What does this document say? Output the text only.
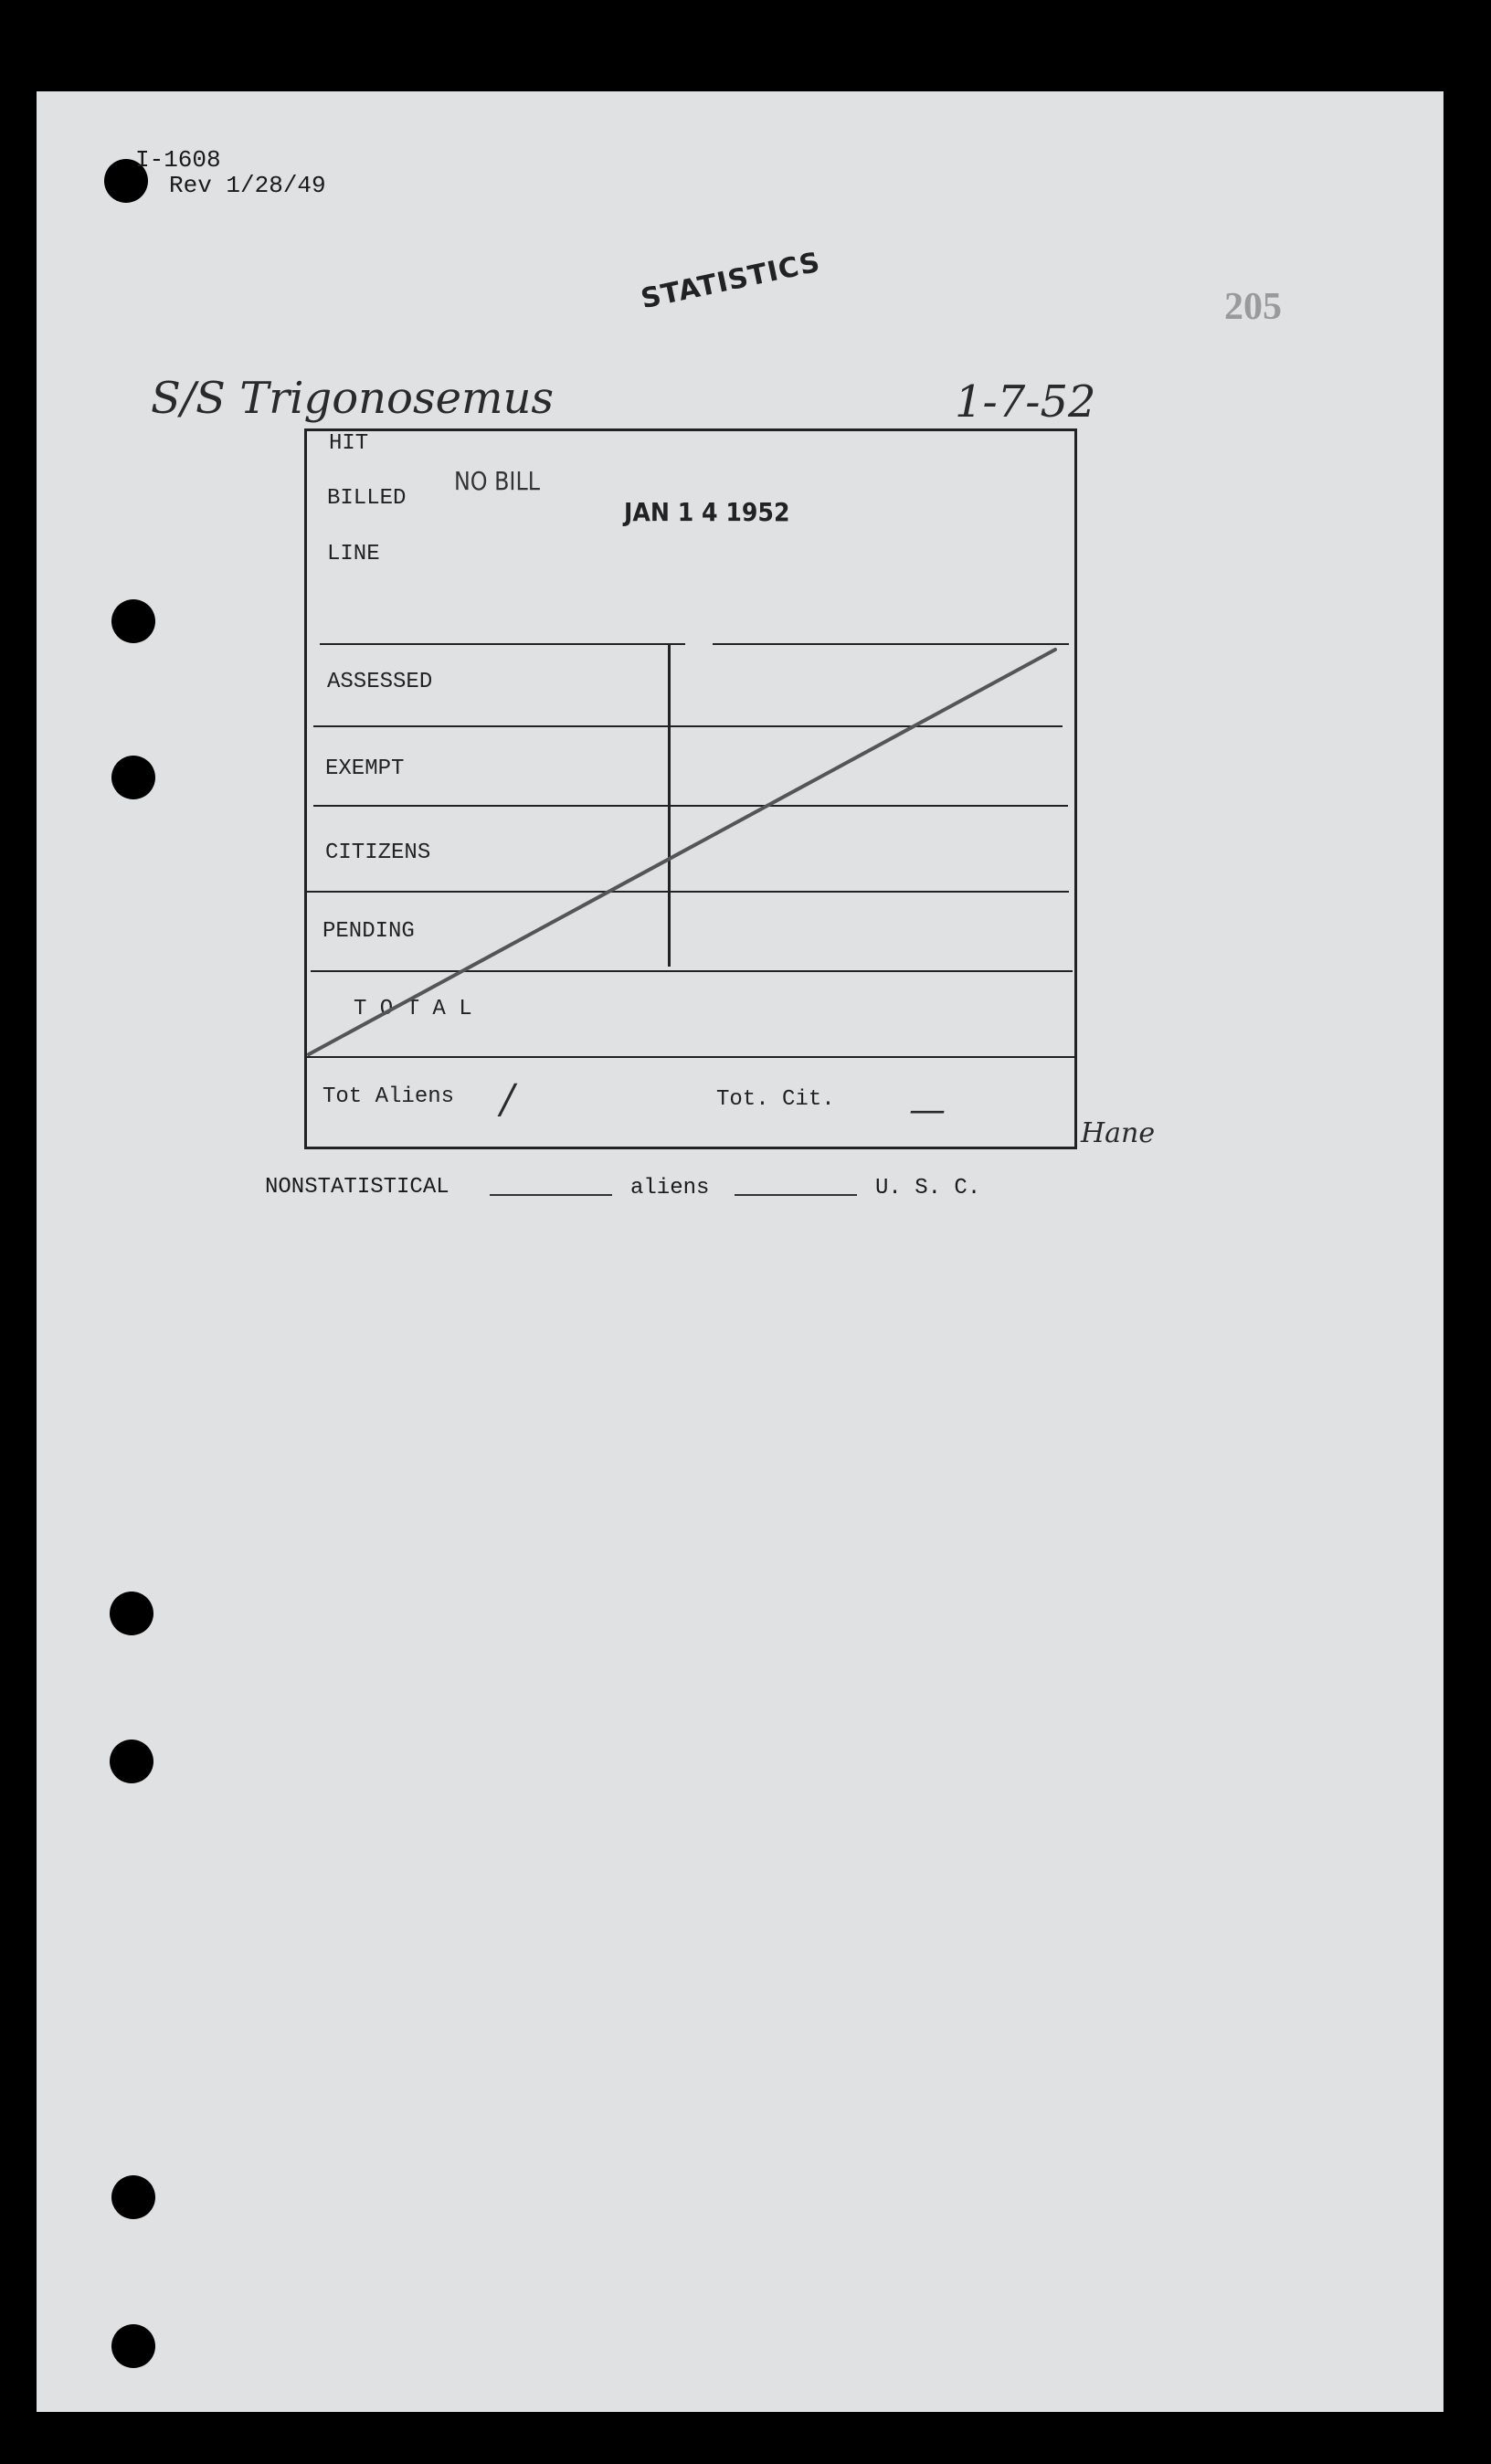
I-1608
Rev 1/28/49
STATISTICS	205
S/S Trigonosemus	1-7-52
HIT
BILLED
LINE
NO BILL
JAN 1 4 1952
ASSESSED
EXEMPT
CITIZENS
PENDING
T O T A L
Tot Aliens /	Tot. Cit. —
Hane
NONSTATISTICAL	aliens	U. S. C.
